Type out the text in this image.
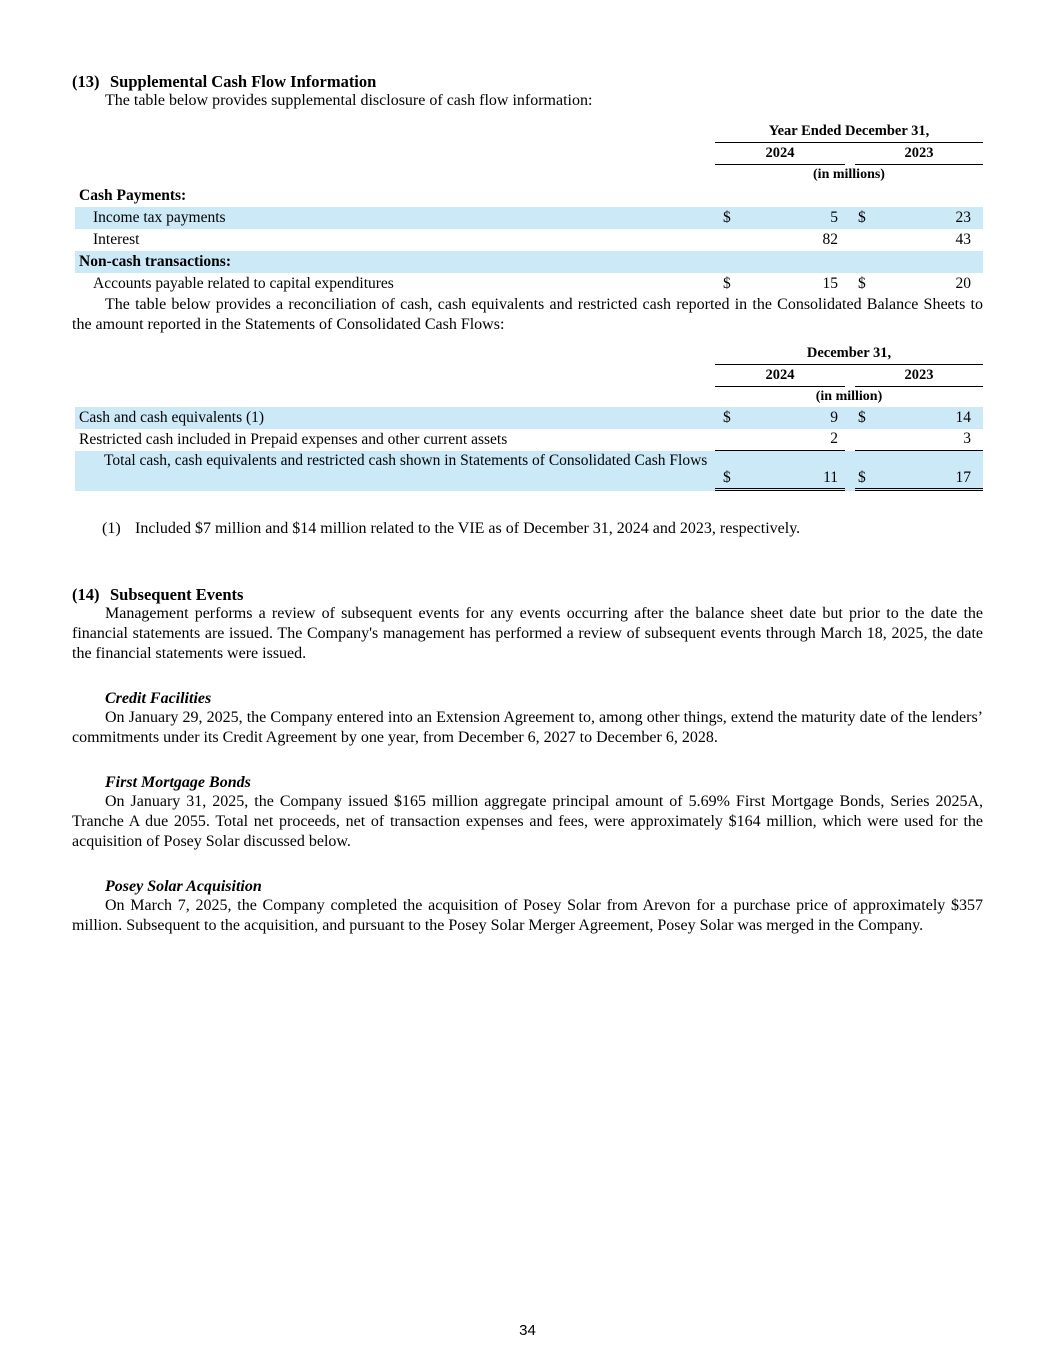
(13) Supplemental Cash Flow Information

The table below provides supplemental disclosure of cash flow information:

Year Ended December 31,
2024	2023
(in millions)
Cash Payments:
Income tax payments	$	5 $	23
Interest	82	43
Non-cash transactions:
Accounts payable related to capital expenditures	$	15 $	20

The table below provides a reconciliation of cash, cash equivalents and restricted cash reported in the Consolidated Balance Sheets to the amount reported in the Statements of Consolidated Cash Flows:

December 31,
2024	2023
(in million)
Cash and cash equivalents (1)	$	9 $	14
Restricted cash included in Prepaid expenses and other current assets	2	3
Total cash, cash equivalents and restricted cash shown in Statements of Consolidated Cash Flows
$	11 $	17
(1) Included $7 million and $14 million related to the VIE as of December 31, 2024 and 2023, respectively.
(14) Subsequent Events

Management performs a review of subsequent events for any events occurring after the balance sheet date but prior to the date the financial statements are issued. The Company's management has performed a review of subsequent events through March 18, 2025, the date the financial statements were issued.

Credit Facilities

On January 29, 2025, the Company entered into an Extension Agreement to, among other things, extend the maturity date of the lenders’ commitments under its Credit Agreement by one year, from December 6, 2027 to December 6, 2028.

First Mortgage Bonds

On January 31, 2025, the Company issued $165 million aggregate principal amount of 5.69% First Mortgage Bonds, Series 2025A, Tranche A due 2055. Total net proceeds, net of transaction expenses and fees, were approximately $164 million, which were used for the acquisition of Posey Solar discussed below.

Posey Solar Acquisition

On March 7, 2025, the Company completed the acquisition of Posey Solar from Arevon for a purchase price of approximately $357 million. Subsequent to the acquisition, and pursuant to the Posey Solar Merger Agreement, Posey Solar was merged in the Company.

34
